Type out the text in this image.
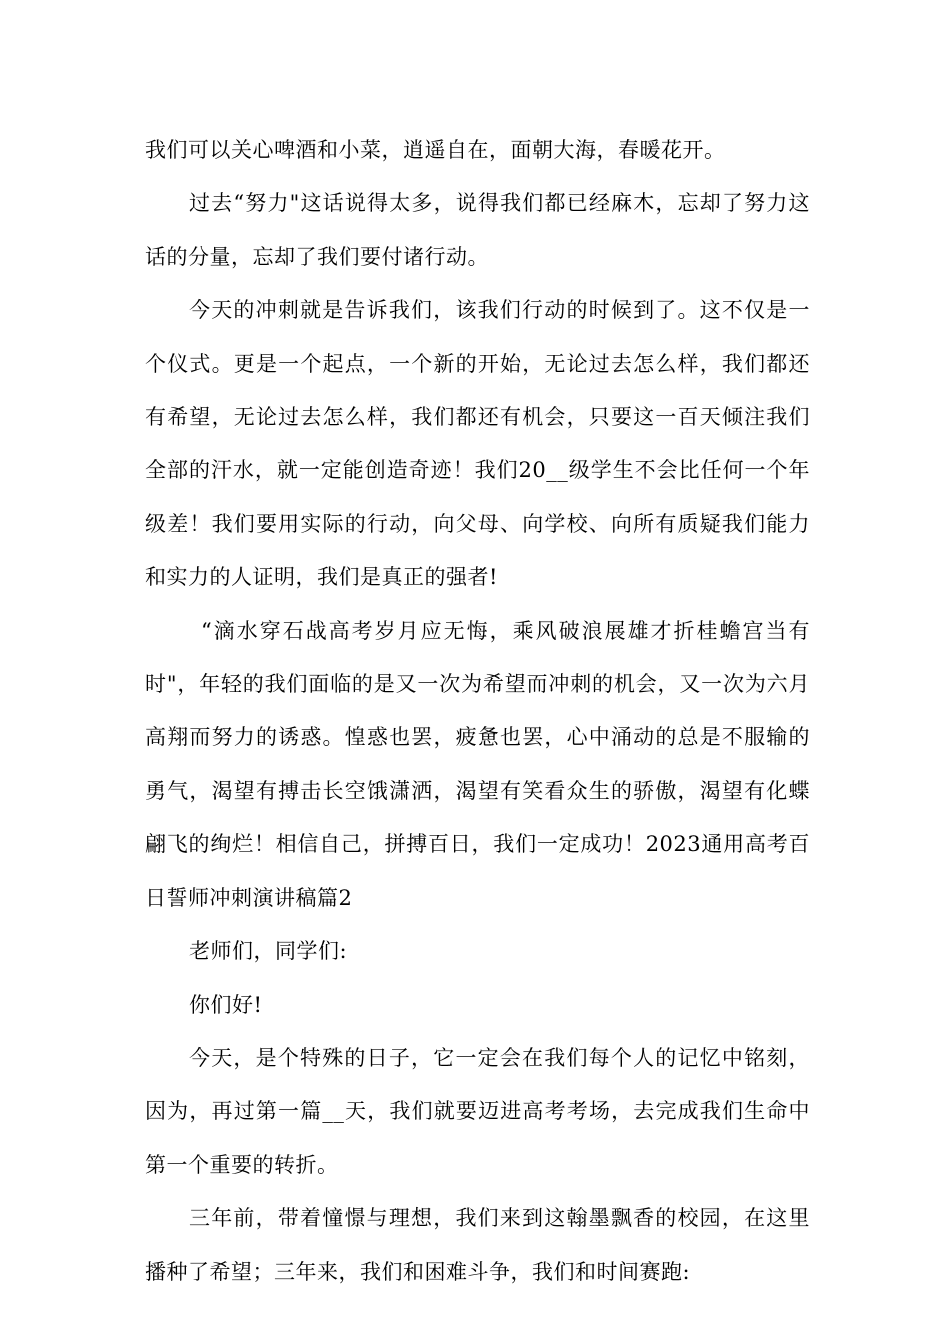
我们可以关心啤酒和小菜，逍遥自在，面朝大海，春暖花开。

过去“努力"这话说得太多，说得我们都已经麻木，忘却了努力这话的分量，忘却了我们要付诸行动。

今天的冲刺就是告诉我们，该我们行动的时候到了。这不仅是一个仪式。更是一个起点，一个新的开始，无论过去怎么样，我们都还有希望，无论过去怎么样，我们都还有机会，只要这一百天倾注我们全部的汗水，就一定能创造奇迹！我们20__级学生不会比任何一个年级差！我们要用实际的行动，向父母、向学校、向所有质疑我们能力和实力的人证明，我们是真正的强者!

“滴水穿石战高考岁月应无悔，乘风破浪展雄才折桂蟾宫当有时"，年轻的我们面临的是又一次为希望而冲刺的机会，又一次为六月高翔而努力的诱惑。惶惑也罢，疲惫也罢，心中涌动的总是不服输的勇气，渴望有搏击长空饿潇洒，渴望有笑看众生的骄傲，渴望有化蝶翩飞的绚烂！相信自己，拼搏百日，我们一定成功！2023通用高考百日誓师冲刺演讲稿篇2

老师们，同学们:

你们好!

今天，是个特殊的日子，它一定会在我们每个人的记忆中铭刻，因为，再过第一篇__天，我们就要迈进高考考场，去完成我们生命中第一个重要的转折。

三年前，带着憧憬与理想，我们来到这翰墨飘香的校园，在这里播种了希望；三年来，我们和困难斗争，我们和时间赛跑:
